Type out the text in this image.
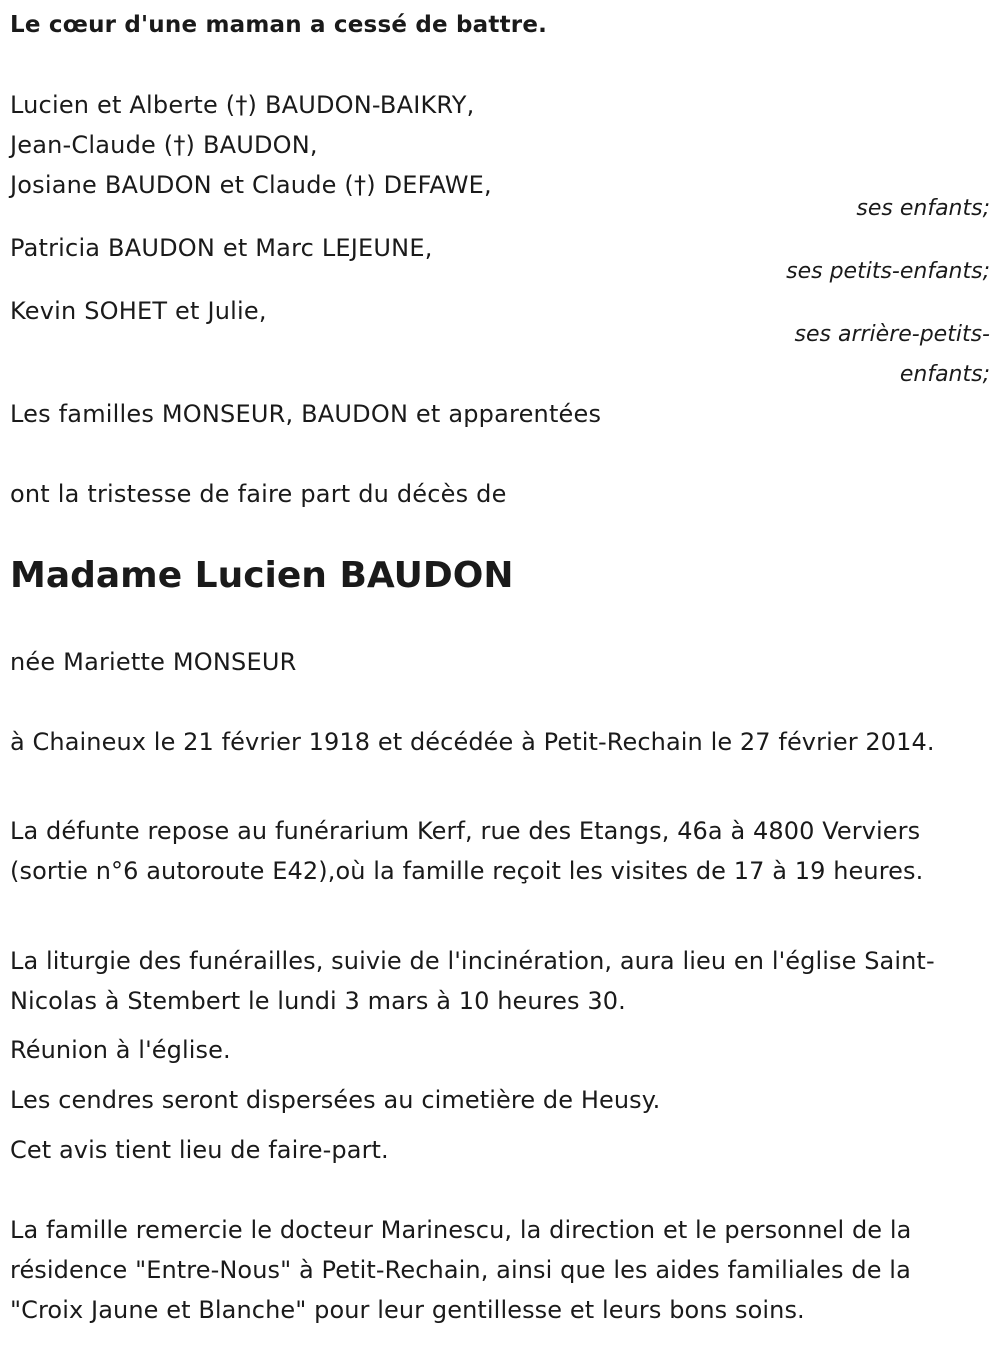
Le cœur d'une maman a cessé de battre.

Lucien et Alberte (†) BAUDON-BAIKRY,

Jean-Claude (†) BAUDON,

Josiane BAUDON et Claude (†) DEFAWE,

ses enfants;

Patricia BAUDON et Marc LEJEUNE,

ses petits-enfants;

Kevin SOHET et Julie,

ses arrière-petits-enfants;

Les familles MONSEUR, BAUDON et apparentées

ont la tristesse de faire part du décès de

Madame Lucien BAUDON

née Mariette MONSEUR

à Chaineux le 21 février 1918 et décédée à Petit-Rechain le 27 février 2014.

La défunte repose au funérarium Kerf, rue des Etangs, 46a à 4800 Verviers (sortie n°6 autoroute E42),où la famille reçoit les visites de 17 à 19 heures.

La liturgie des funérailles, suivie de l'incinération, aura lieu en l'église Saint-Nicolas à Stembert le lundi 3 mars à 10 heures 30.

Réunion à l'église.

Les cendres seront dispersées au cimetière de Heusy.

Cet avis tient lieu de faire-part.

La famille remercie le docteur Marinescu, la direction et le personnel de la résidence "Entre-Nous" à Petit-Rechain, ainsi que les aides familiales de la "Croix Jaune et Blanche" pour leur gentillesse et leurs bons soins.
